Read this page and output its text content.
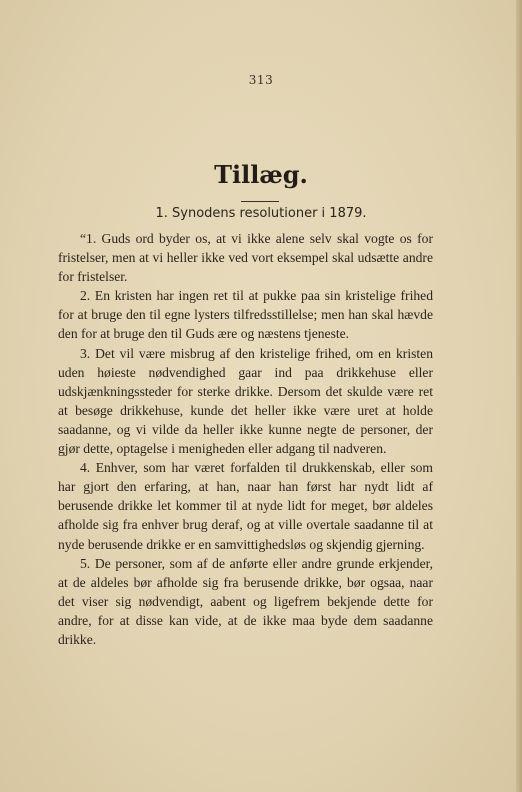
313
Tillæg.
1. Synodens resolutioner i 1879.

“1. Guds ord byder os, at vi ikke alene selv skal vogte os for fristelser, men at vi heller ikke ved vort eksempel skal udsætte andre for fristelser.

2. En kristen har ingen ret til at pukke paa sin kristelige frihed for at bruge den til egne lysters tilfredsstillelse; men han skal hævde den for at bruge den til Guds ære og næstens tjeneste.

3. Det vil være misbrug af den kristelige frihed, om en kristen uden høieste nødvendighed gaar ind paa drikkehuse eller udskjænkningssteder for sterke drikke. Dersom det skulde være ret at besøge drikkehuse, kunde det heller ikke være uret at holde saadanne, og vi vilde da heller ikke kunne negte de personer, der gjør dette, optagelse i menigheden eller adgang til nadveren.

4. Enhver, som har været forfalden til drukkenskab, eller som har gjort den erfaring, at han, naar han først har nydt lidt af berusende drikke let kommer til at nyde lidt for meget, bør aldeles afholde sig fra enhver brug deraf, og at ville overtale saadanne til at nyde berusende drikke er en samvittighedsløs og skjendig gjerning.

5. De personer, som af de anførte eller andre grunde erkjender, at de aldeles bør afholde sig fra berusende drikke, bør ogsaa, naar det viser sig nødvendigt, aabent og ligefrem bekjende dette for andre, for at disse kan vide, at de ikke maa byde dem saadanne drikke.
